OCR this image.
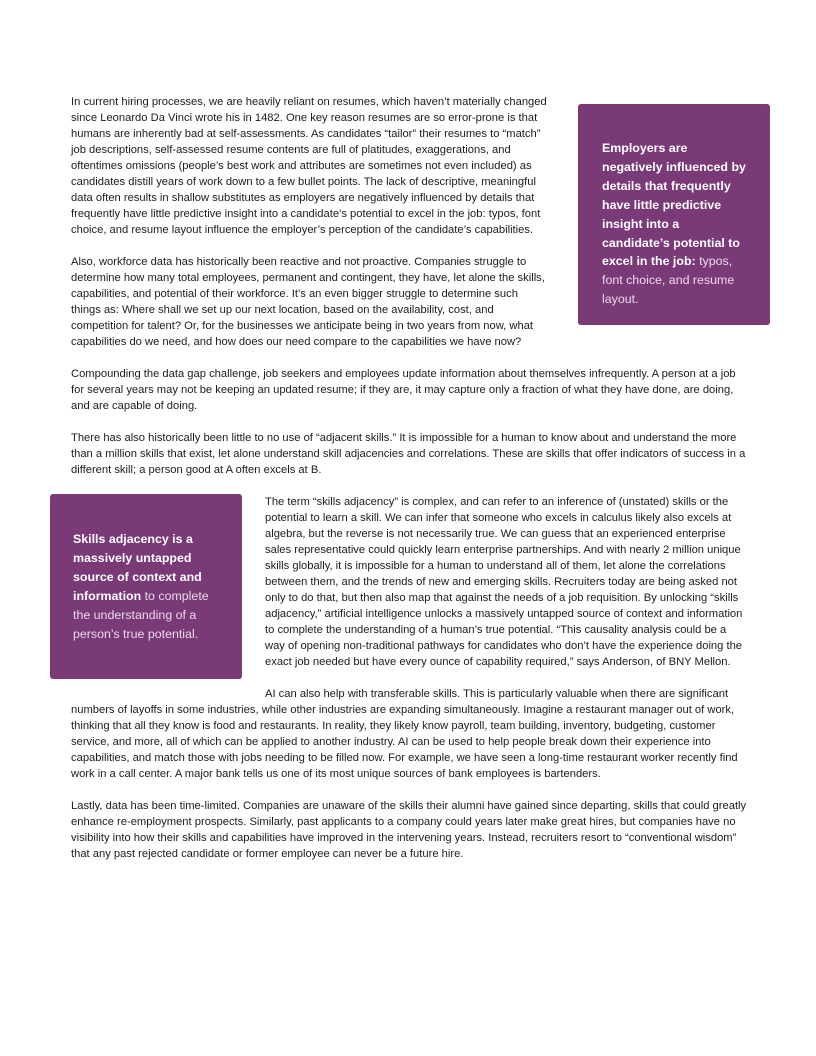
Employers are negatively influenced by details that frequently have little predictive insight into a candidate’s potential to excel in the job: typos, font choice, and resume layout.

In current hiring processes, we are heavily reliant on resumes, which haven’t materially changed since Leonardo Da Vinci wrote his in 1482. One key reason resumes are so error-prone is that humans are inherently bad at self-assessments. As candidates “tailor” their resumes to “match” job descriptions, self-assessed resume contents are full of platitudes, exaggerations, and oftentimes omissions (people’s best work and attributes are sometimes not even included) as candidates distill years of work down to a few bullet points. The lack of descriptive, meaningful data often results in shallow substitutes as employers are negatively influenced by details that frequently have little predictive insight into a candidate’s potential to excel in the job: typos, font choice, and resume layout influence the employer’s perception of the candidate’s capabilities.

Also, workforce data has historically been reactive and not proactive. Companies struggle to determine how many total employees, permanent and contingent, they have, let alone the skills, capabilities, and potential of their workforce. It’s an even bigger struggle to determine such things as: Where shall we set up our next location, based on the availability, cost, and competition for talent? Or, for the businesses we anticipate being in two years from now, what capabilities do we need, and how does our need compare to the capabilities we have now?

Compounding the data gap challenge, job seekers and employees update information about themselves infrequently. A person at a job for several years may not be keeping an updated resume; if they are, it may capture only a fraction of what they have done, are doing, and are capable of doing.

There has also historically been little to no use of “adjacent skills.” It is impossible for a human to know about and understand the more than a million skills that exist, let alone understand skill adjacencies and correlations. These are skills that offer indicators of success in a different skill; a person good at A often excels at B.

Skills adjacency is a massively untapped source of context and information to complete the understanding of a person’s true potential.
The term “skills adjacency” is complex, and can refer to an inference of (unstated) skills or the potential to learn a skill. We can infer that someone who excels in calculus likely also excels at algebra, but the reverse is not necessarily true. We can guess that an experienced enterprise sales representative could quickly learn enterprise partnerships. And with nearly 2 million unique skills globally, it is impossible for a human to understand all of them, let alone the correlations between them, and the trends of new and emerging skills. Recruiters today are being asked not only to do that, but then also map that against the needs of a job requisition. By unlocking “skills adjacency,” artificial intelligence unlocks a massively untapped source of context and information to complete the understanding of a human’s true potential. “This causality analysis could be a way of opening non-traditional pathways for candidates who don’t have the experience doing the exact job needed but have every ounce of capability required,” says Anderson, of BNY Mellon.

AI can also help with transferable skills. This is particularly valuable when there are significant numbers of layoffs in some industries, while other industries are expanding simultaneously. Imagine a restaurant manager out of work, thinking that all they know is food and restaurants. In reality, they likely know payroll, team building, inventory, budgeting, customer service, and more, all of which can be applied to another industry. AI can be used to help people break down their experience into capabilities, and match those with jobs needing to be filled now. For example, we have seen a long-time restaurant worker recently find work in a call center. A major bank tells us one of its most unique sources of bank employees is bartenders.

Lastly, data has been time-limited. Companies are unaware of the skills their alumni have gained since departing, skills that could greatly enhance re-employment prospects. Similarly, past applicants to a company could years later make great hires, but companies have no visibility into how their skills and capabilities have improved in the intervening years. Instead, recruiters resort to “conventional wisdom” that any past rejected candidate or former employee can never be a future hire.
